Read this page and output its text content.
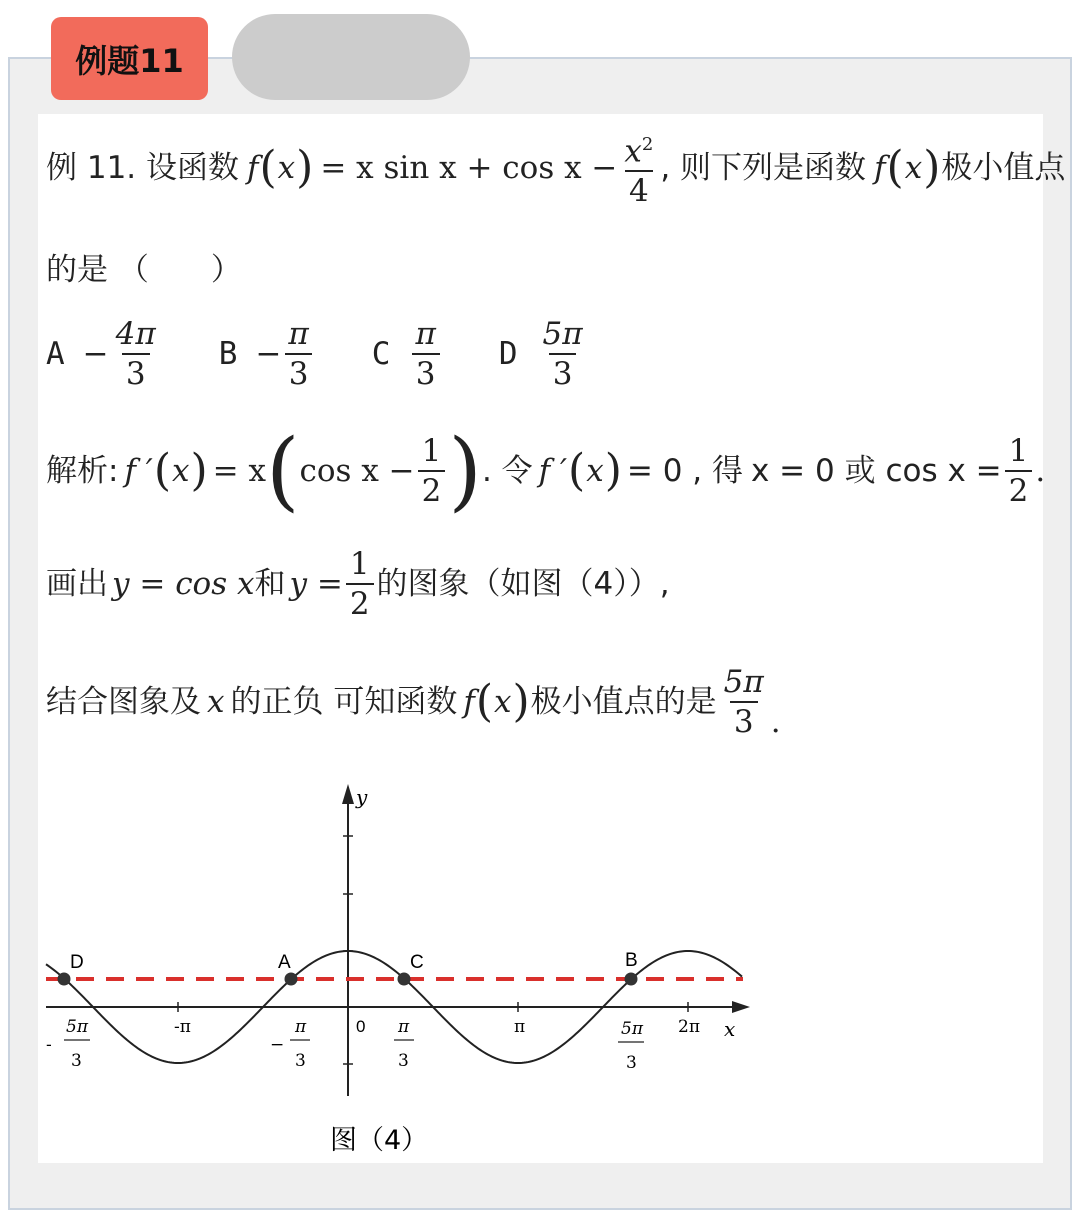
例题11
例 11. 设函数 f ( x ) = x $\sin x + \cos x - \frac{x^2}{4}$ , 则下列是函数 f ( x ) 极小值点
的是 （　　）
$A - \frac{4\pi}{3}$ $B - \frac{\pi}{3}$ C $\frac{\pi}{3}$ D $\frac{5\pi}{3}$
解析: f ′ ( x ) = x ( $\cos x - \frac{1}{2}$ ) . 令 f ′ ( x ) = 0 , 得 x = 0 或 $\cos x = \frac{1}{2}$ .
画出 y = cos x 和 $y = \frac{1}{2}$ 的图象（如图（4））,
结合图象及 x 的正负 可知函数 f ( x ) 极小值点的是 $\frac{5\pi}{3}$ .
y
x
D	A	C	B
0
-π	π	2π
-
5π
3
−
π
3
π
3
5π
3
图（4）
